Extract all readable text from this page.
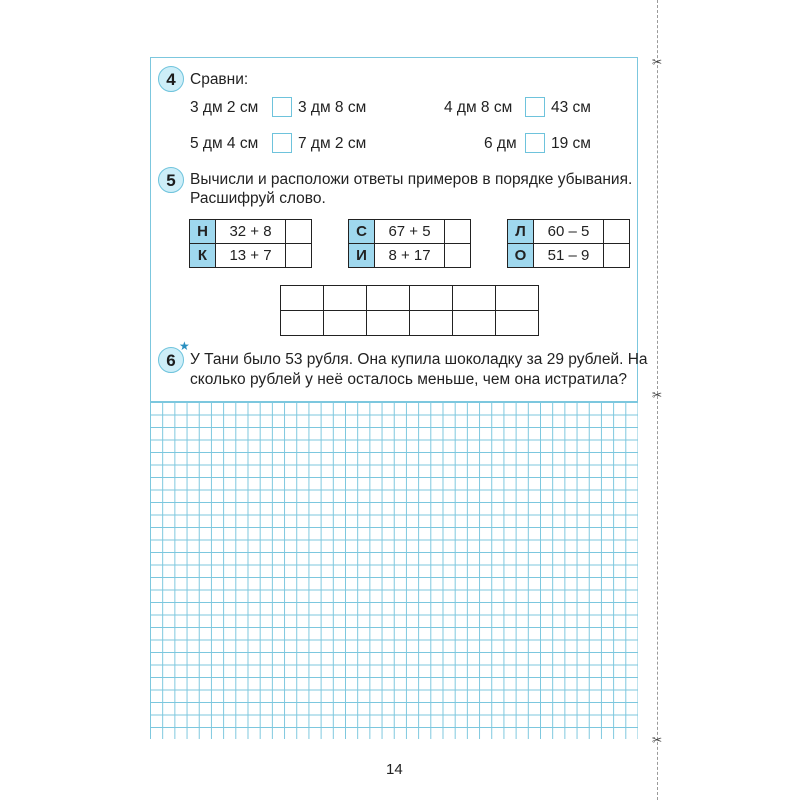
✂
✂
✂
4 Сравни:
3 дм 2 см	3 дм 8 см	4 дм 8 см 43 см
5 дм 4 см	7 дм 2 см	6 дм 19 см
5 Вычисли и расположи ответы примеров в порядке убывания.
Расшифруй слово.
Н	32 + 8	
К	13 + 7	
С	67 + 5	
И	8 + 17	
Л	60 – 5	
О	51 – 9	

6
★
У Тани было 53 рубля. Она купила шоколадку за 29 рублей. На
сколько рублей у неё осталось меньше, чем она истратила?
14
